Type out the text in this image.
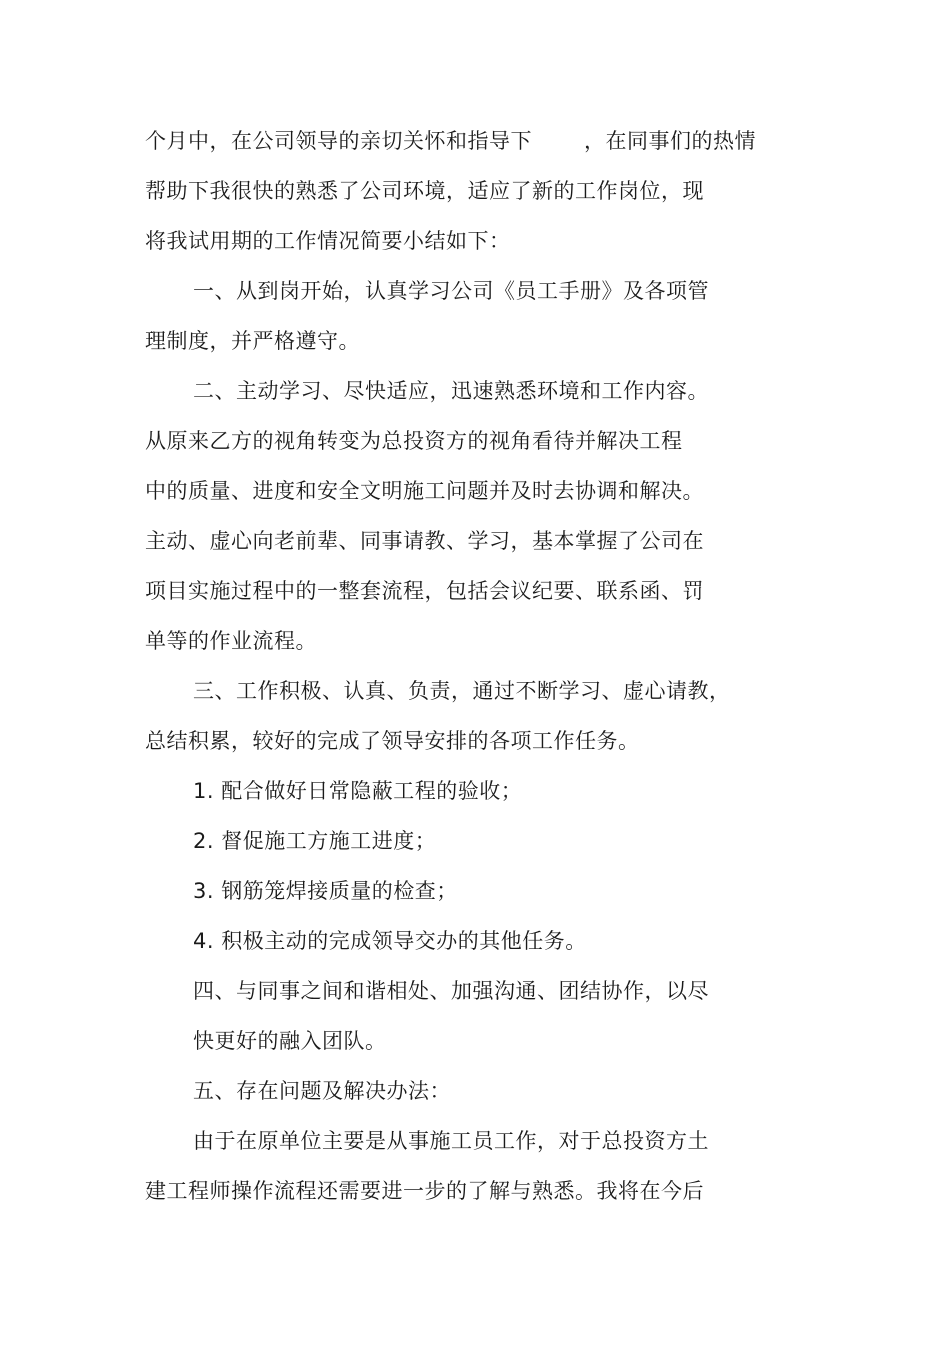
个月中，在公司领导的亲切关怀和指导下 ，在同事们的热情
帮助下我很快的熟悉了公司环境，适应了新的工作岗位，现
将我试用期的工作情况简要小结如下：
一、从到岗开始，认真学习公司《员工手册》及各项管
理制度，并严格遵守。
二、主动学习、尽快适应，迅速熟悉环境和工作内容。
从原来乙方的视角转变为总投资方的视角看待并解决工程
中的质量、进度和安全文明施工问题并及时去协调和解决。
主动、虚心向老前辈、同事请教、学习，基本掌握了公司在
项目实施过程中的一整套流程，包括会议纪要、联系函、罚
单等的作业流程。
三、工作积极、认真、负责，通过不断学习、虚心请教，
总结积累，较好的完成了领导安排的各项工作任务。
1. 配合做好日常隐蔽工程的验收；
2. 督促施工方施工进度；
3. 钢筋笼焊接质量的检查；
4. 积极主动的完成领导交办的其他任务。
四、与同事之间和谐相处、加强沟通、团结协作，以尽
快更好的融入团队。
五、存在问题及解决办法：
由于在原单位主要是从事施工员工作，对于总投资方土
建工程师操作流程还需要进一步的了解与熟悉。我将在今后
